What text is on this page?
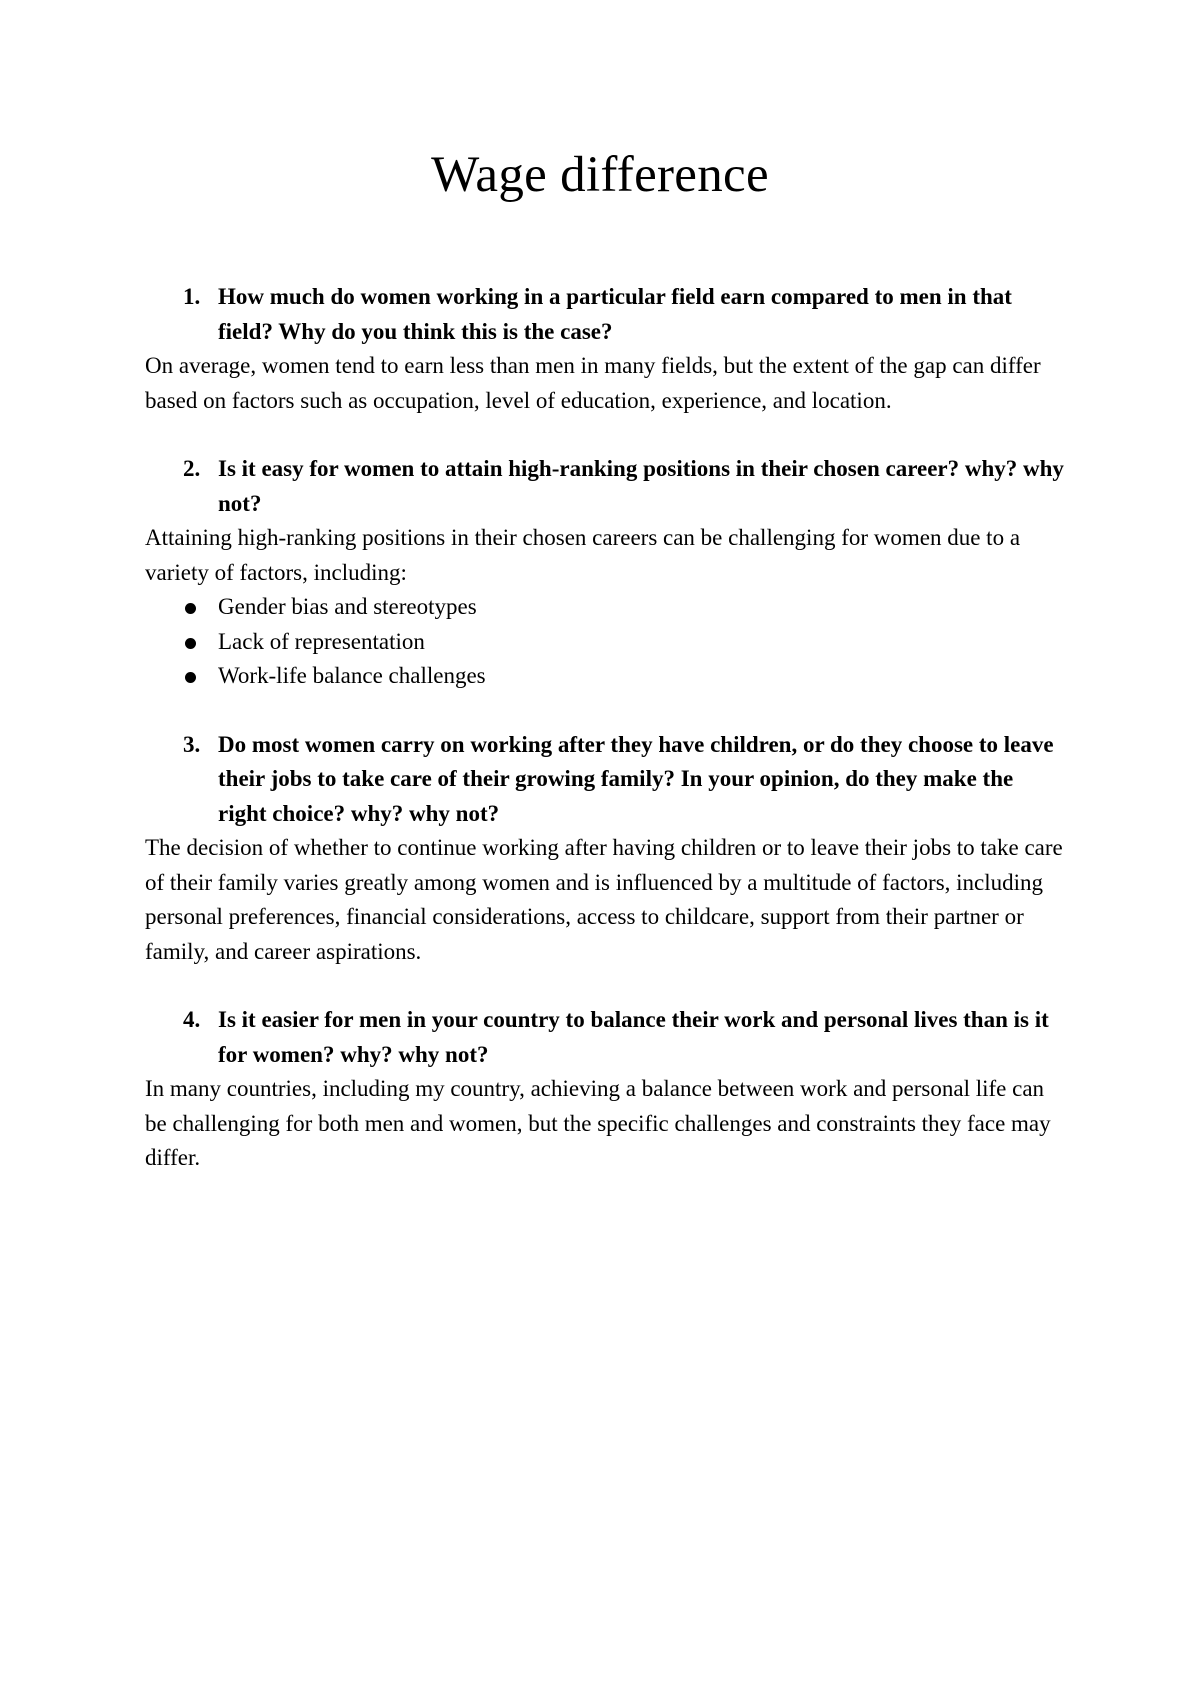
Wage difference

1. How much do women working in a particular field earn compared to men in that field? Why do you think this is the case?

On average, women tend to earn less than men in many fields, but the extent of the gap can differ based on factors such as occupation, level of education, experience, and location.

2. Is it easy for women to attain high-ranking positions in their chosen career? why? why not?

Attaining high-ranking positions in their chosen careers can be challenging for women due to a variety of factors, including:

Gender bias and stereotypes
Lack of representation
Work-life balance challenges

3. Do most women carry on working after they have children, or do they choose to leave their jobs to take care of their growing family? In your opinion, do they make the right choice? why? why not?

The decision of whether to continue working after having children or to leave their jobs to take care of their family varies greatly among women and is influenced by a multitude of factors, including personal preferences, financial considerations, access to childcare, support from their partner or family, and career aspirations.

4. Is it easier for men in your country to balance their work and personal lives than is it for women? why? why not?

In many countries, including my country, achieving a balance between work and personal life can be challenging for both men and women, but the specific challenges and constraints they face may differ.
